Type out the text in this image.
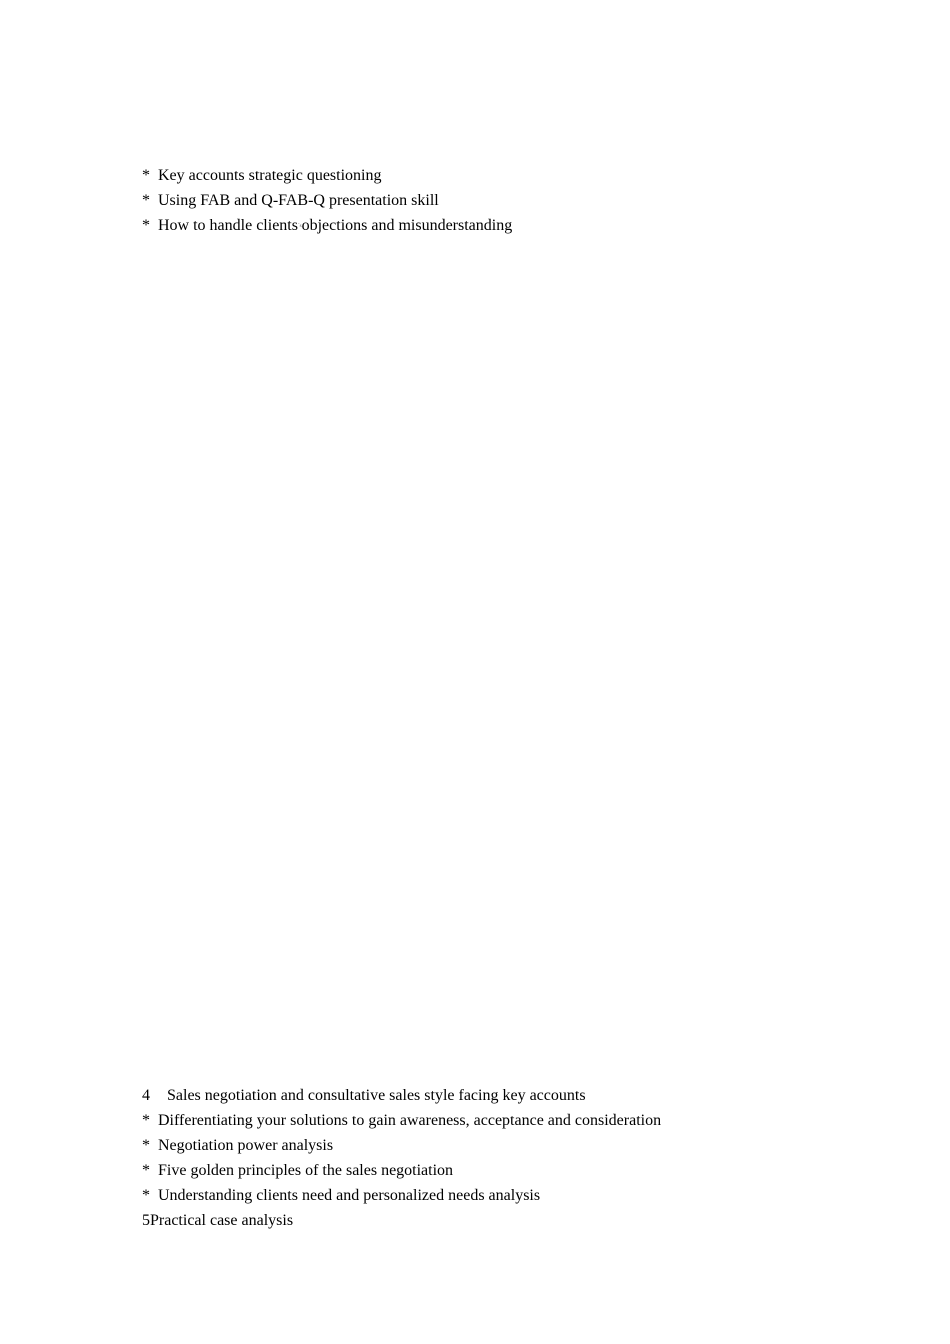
* Key accounts strategic questioning
* Using FAB and Q-FAB-Q presentation skill
* How to handle clients$^{´s}$objections and misunderstanding
4 Sales negotiation and consultative sales style facing key accounts
* Differentiating your solutions to gain awareness, acceptance and consideration
* Negotiation power analysis
* Five golden principles of the sales negotiation
* Understanding clients need and personalized needs analysis
5Practical case analysis
